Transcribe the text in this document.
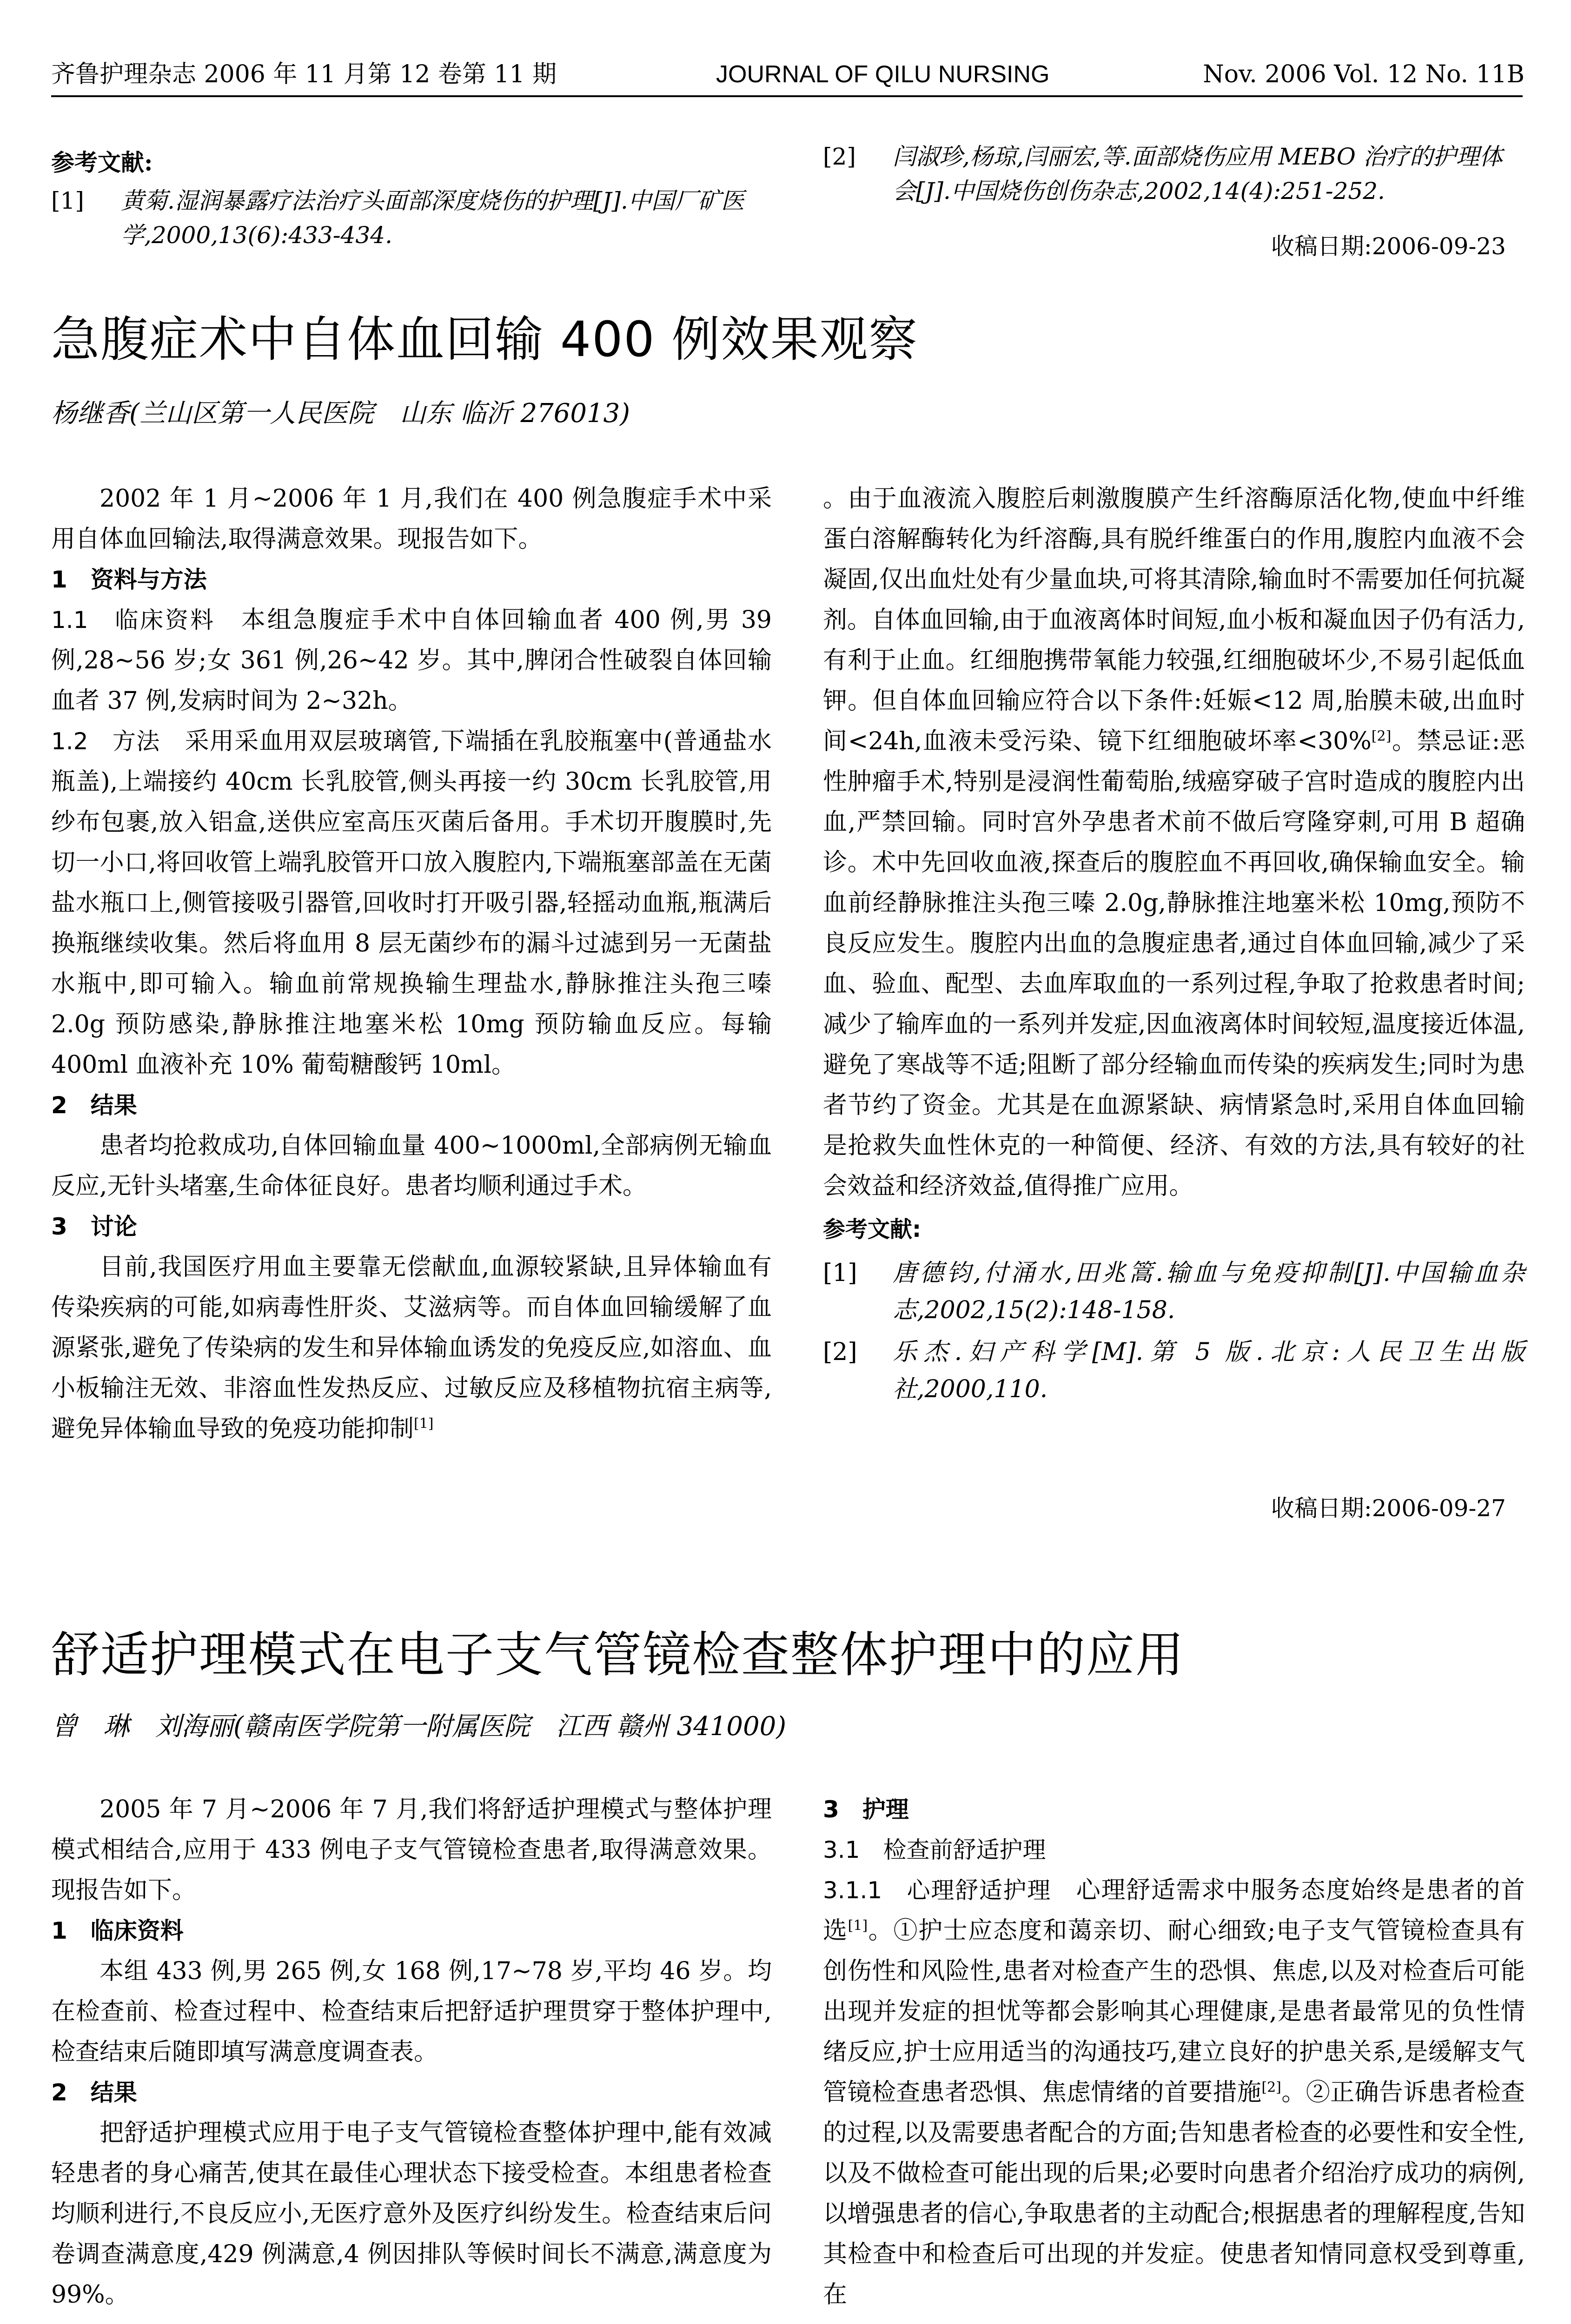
齐鲁护理杂志 2006 年 11 月第 12 卷第 11 期	JOURNAL OF QILU NURSING	Nov. 2006 Vol. 12 No. 11B
参考文献:
[1] 黄菊.湿润暴露疗法治疗头面部深度烧伤的护理[J].中国厂矿医学,2000,13(6):433-434.
[2] 闫淑珍,杨琼,闫丽宏,等.面部烧伤应用 MEBO 治疗的护理体会[J].中国烧伤创伤杂志,2002,14(4):251-252.
收稿日期:2006-09-23
急腹症术中自体血回输 400 例效果观察
杨继香(兰山区第一人民医院　山东 临沂 276013)

2002 年 1 月~2006 年 1 月,我们在 400 例急腹症手术中采用自体血回输法,取得满意效果。现报告如下。

1　资料与方法

1.1　临床资料　 本组急腹症手术中自体回输血者 400 例,男 39 例,28~56 岁;女 361 例,26~42 岁。其中,脾闭合性破裂自体回输血者 37 例,发病时间为 2~32h。

1.2　方法　 采用采血用双层玻璃管,下端插在乳胶瓶塞中(普通盐水瓶盖),上端接约 40cm 长乳胶管,侧头再接一约 30cm 长乳胶管,用纱布包裹,放入铝盒,送供应室高压灭菌后备用。手术切开腹膜时,先切一小口,将回收管上端乳胶管开口放入腹腔内,下端瓶塞部盖在无菌盐水瓶口上,侧管接吸引器管,回收时打开吸引器,轻摇动血瓶,瓶满后换瓶继续收集。然后将血用 8 层无菌纱布的漏斗过滤到另一无菌盐水瓶中,即可输入。输血前常规换输生理盐水,静脉推注头孢三嗪 2.0g 预防感染,静脉推注地塞米松 10mg 预防输血反应。每输 400ml 血液补充 10% 葡萄糖酸钙 10ml。

2　结果

患者均抢救成功,自体回输血量 400~1000ml,全部病例无输血反应,无针头堵塞,生命体征良好。患者均顺利通过手术。

3　讨论

目前,我国医疗用血主要靠无偿献血,血源较紧缺,且异体输血有传染疾病的可能,如病毒性肝炎、艾滋病等。而自体血回输缓解了血源紧张,避免了传染病的发生和异体输血诱发的免疫反应,如溶血、血小板输注无效、非溶血性发热反应、过敏反应及移植物抗宿主病等,避免异体输血导致的免疫功能抑制[1]

。由于血液流入腹腔后刺激腹膜产生纤溶酶原活化物,使血中纤维蛋白溶解酶转化为纤溶酶,具有脱纤维蛋白的作用,腹腔内血液不会凝固,仅出血灶处有少量血块,可将其清除,输血时不需要加任何抗凝剂。自体血回输,由于血液离体时间短,血小板和凝血因子仍有活力,有利于止血。红细胞携带氧能力较强,红细胞破坏少,不易引起低血钾。但自体血回输应符合以下条件:妊娠<12 周,胎膜未破,出血时间<24h,血液未受污染、镜下红细胞破坏率<30%[2]。禁忌证:恶性肿瘤手术,特别是浸润性葡萄胎,绒癌穿破子宫时造成的腹腔内出血,严禁回输。同时宫外孕患者术前不做后穹隆穿刺,可用 B 超确诊。术中先回收血液,探查后的腹腔血不再回收,确保输血安全。输血前经静脉推注头孢三嗪 2.0g,静脉推注地塞米松 10mg,预防不良反应发生。腹腔内出血的急腹症患者,通过自体血回输,减少了采血、验血、配型、去血库取血的一系列过程,争取了抢救患者时间;减少了输库血的一系列并发症,因血液离体时间较短,温度接近体温,避免了寒战等不适;阻断了部分经输血而传染的疾病发生;同时为患者节约了资金。尤其是在血源紧缺、病情紧急时,采用自体血回输是抢救失血性休克的一种简便、经济、有效的方法,具有较好的社会效益和经济效益,值得推广应用。

参考文献:

[1] 唐德钧,付涌水,田兆篙.输血与免疫抑制[J].中国输血杂志,2002,15(2):148-158.
[2] 乐杰.妇产科学[M].第 5 版.北京:人民卫生出版社,2000,110.
收稿日期:2006-09-27
舒适护理模式在电子支气管镜检查整体护理中的应用
曾　琳　刘海丽(赣南医学院第一附属医院　江西 赣州 341000)

2005 年 7 月~2006 年 7 月,我们将舒适护理模式与整体护理模式相结合,应用于 433 例电子支气管镜检查患者,取得满意效果。现报告如下。

1　临床资料

本组 433 例,男 265 例,女 168 例,17~78 岁,平均 46 岁。均在检查前、检查过程中、检查结束后把舒适护理贯穿于整体护理中,检查结束后随即填写满意度调查表。

2　结果

把舒适护理模式应用于电子支气管镜检查整体护理中,能有效减轻患者的身心痛苦,使其在最佳心理状态下接受检查。本组患者检查均顺利进行,不良反应小,无医疗意外及医疗纠纷发生。检查结束后问卷调查满意度,429 例满意,4 例因排队等候时间长不满意,满意度为 99%。

3　护理

3.1　检查前舒适护理

3.1.1　心理舒适护理　 心理舒适需求中服务态度始终是患者的首选[1]。①护士应态度和蔼亲切、耐心细致;电子支气管镜检查具有创伤性和风险性,患者对检查产生的恐惧、焦虑,以及对检查后可能出现并发症的担忧等都会影响其心理健康,是患者最常见的负性情绪反应,护士应用适当的沟通技巧,建立良好的护患关系,是缓解支气管镜检查患者恐惧、焦虑情绪的首要措施[2]。②正确告诉患者检查的过程,以及需要患者配合的方面;告知患者检查的必要性和安全性,以及不做检查可能出现的后果;必要时向患者介绍治疗成功的病例,以增强患者的信心,争取患者的主动配合;根据患者的理解程度,告知其检查中和检查后可出现的并发症。使患者知情同意权受到尊重,在
